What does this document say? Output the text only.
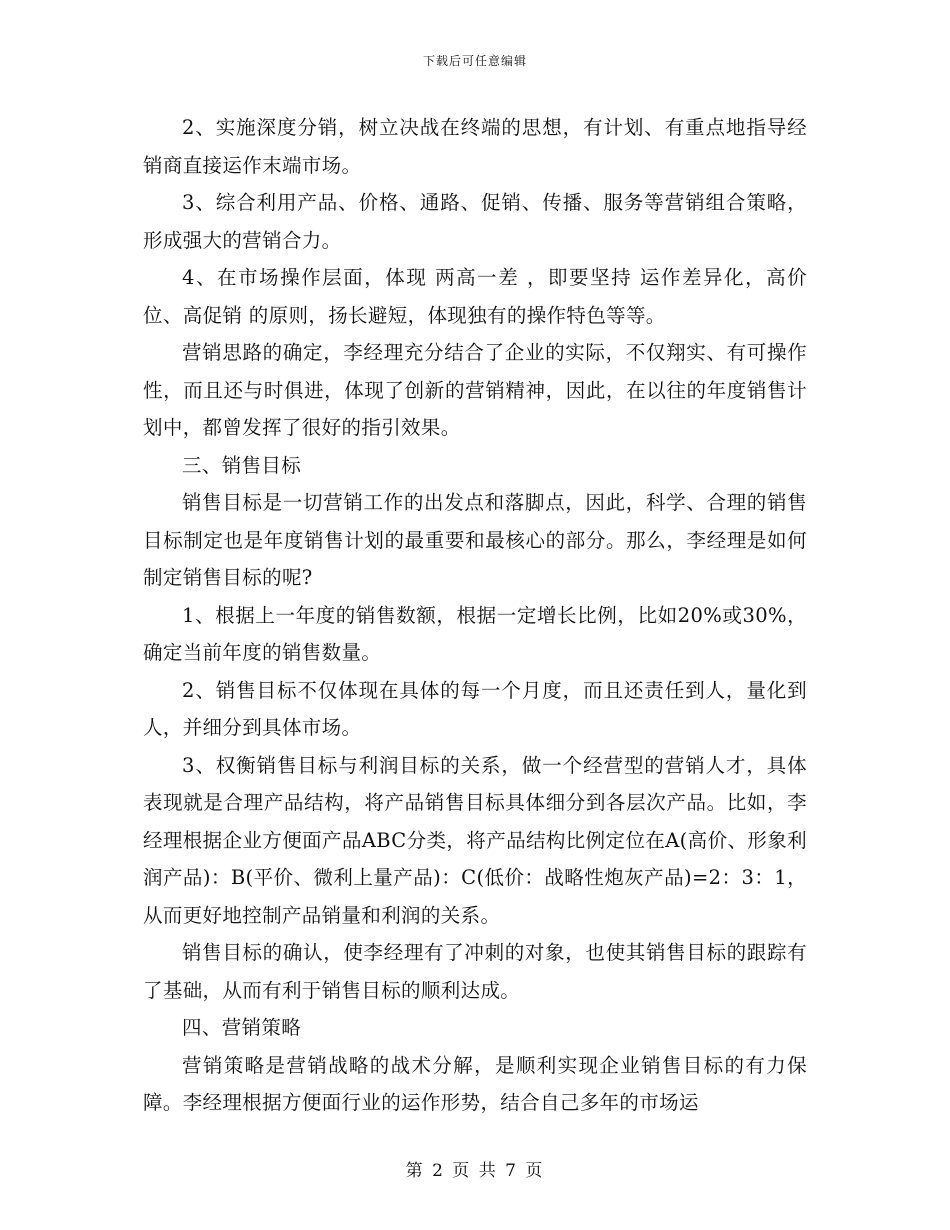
下载后可任意编辑

2、实施深度分销，树立决战在终端的思想，有计划、有重点地指导经销商直接运作末端市场。

3、综合利用产品、价格、通路、促销、传播、服务等营销组合策略，形成强大的营销合力。

4、在市场操作层面，体现 两高一差 ，即要坚持 运作差异化，高价位、高促销 的原则，扬长避短，体现独有的操作特色等等。

营销思路的确定，李经理充分结合了企业的实际，不仅翔实、有可操作性，而且还与时俱进，体现了创新的营销精神，因此，在以往的年度销售计划中，都曾发挥了很好的指引效果。

三、销售目标

销售目标是一切营销工作的出发点和落脚点，因此，科学、合理的销售目标制定也是年度销售计划的最重要和最核心的部分。那么，李经理是如何制定销售目标的呢?

1、根据上一年度的销售数额，根据一定增长比例，比如20%或30%，确定当前年度的销售数量。

2、销售目标不仅体现在具体的每一个月度，而且还责任到人，量化到人，并细分到具体市场。

3、权衡销售目标与利润目标的关系，做一个经营型的营销人才，具体表现就是合理产品结构，将产品销售目标具体细分到各层次产品。比如，李经理根据企业方便面产品ABC分类，将产品结构比例定位在A(高价、形象利润产品)：B(平价、微利上量产品)：C(低价：战略性炮灰产品)=2：3：1，从而更好地控制产品销量和利润的关系。

销售目标的确认，使李经理有了冲刺的对象，也使其销售目标的跟踪有了基础，从而有利于销售目标的顺利达成。

四、营销策略

营销策略是营销战略的战术分解，是顺利实现企业销售目标的有力保障。李经理根据方便面行业的运作形势，结合自己多年的市场运

第 2 页 共 7 页
